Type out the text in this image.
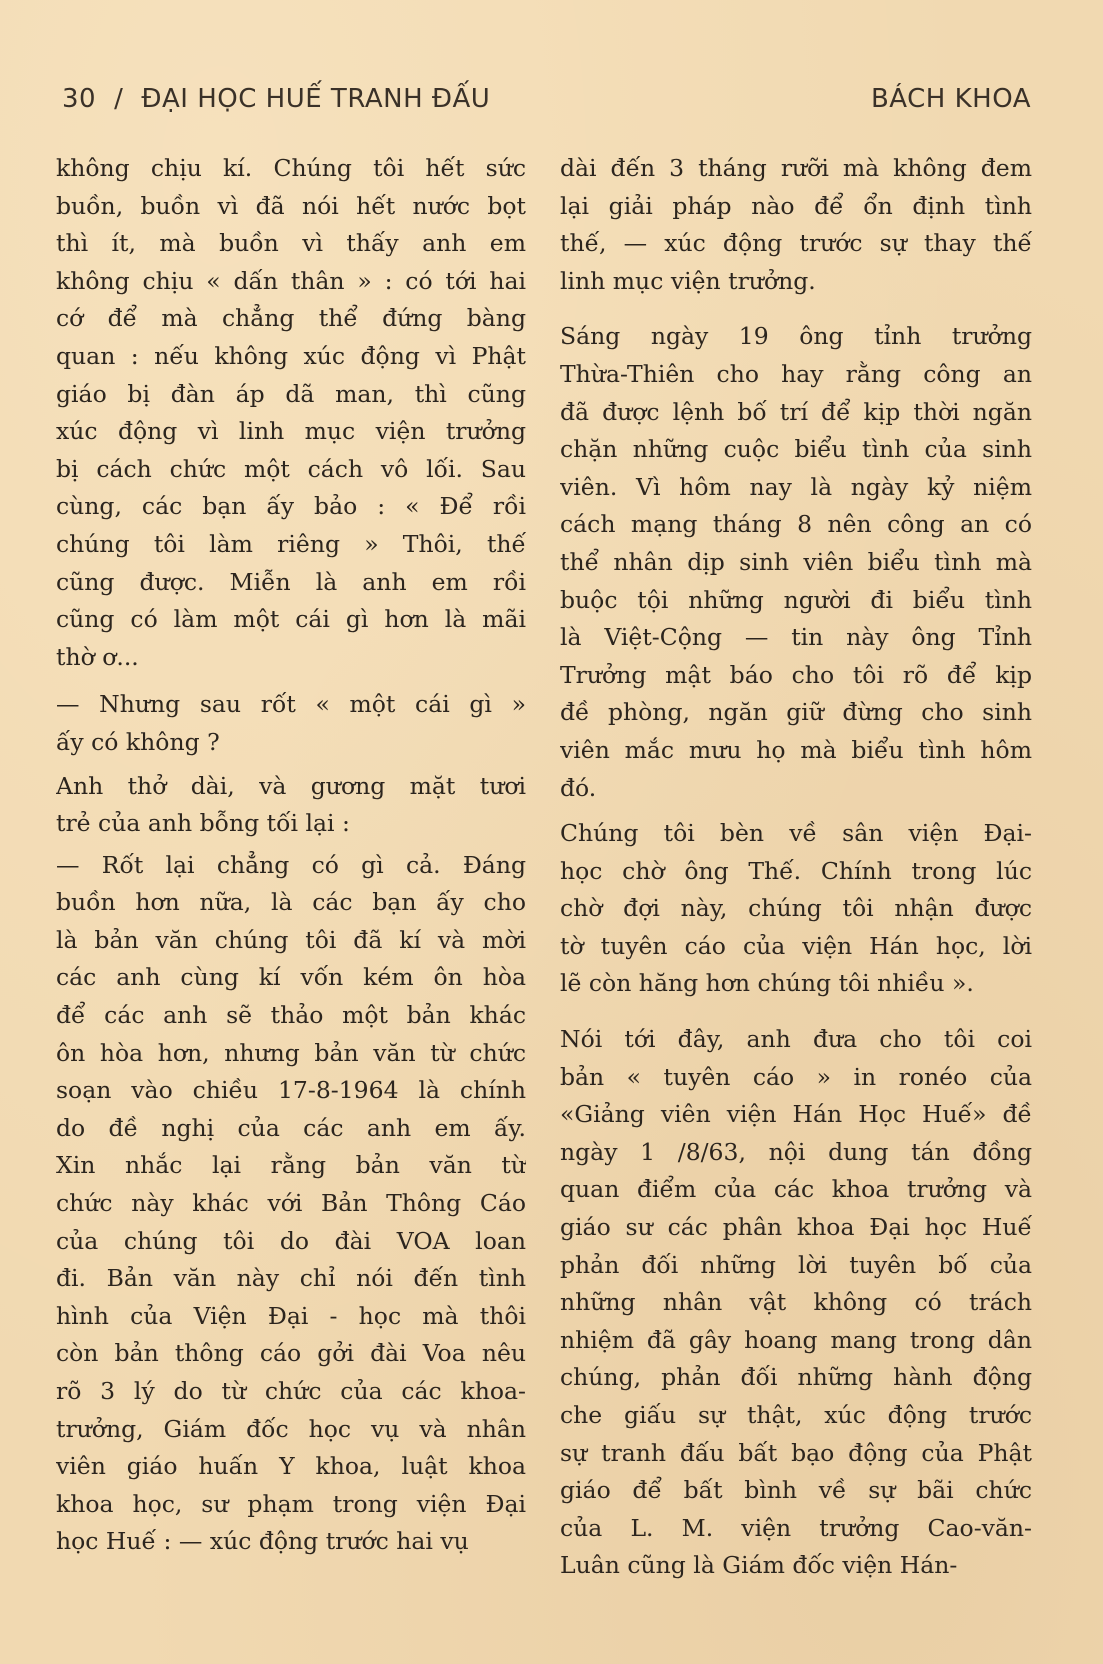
30 / ĐẠI HỌC HUẾ TRANH ĐẤU	BÁCH KHOA

không chịu kí. Chúng tôi hết sức
buồn, buồn vì đã nói hết nước bọt
thì ít, mà buồn vì thấy anh em
không chịu « dấn thân » : có tới hai
cớ để mà chẳng thể đứng bàng
quan : nếu không xúc động vì Phật
giáo bị đàn áp dã man, thì cũng
xúc động vì linh mục viện trưởng
bị cách chức một cách vô lối. Sau
cùng, các bạn ấy bảo : « Để rồi
chúng tôi làm riêng » Thôi, thế
cũng được. Miễn là anh em rồi
cũng có làm một cái gì hơn là mãi
thờ ơ...

— Nhưng sau rốt « một cái gì »
ấy có không ?

Anh thở dài, và gương mặt tươi
trẻ của anh bỗng tối lại :

— Rốt lại chẳng có gì cả. Đáng
buồn hơn nữa, là các bạn ấy cho
là bản văn chúng tôi đã kí và mời
các anh cùng kí vốn kém ôn hòa
để các anh sẽ thảo một bản khác
ôn hòa hơn, nhưng bản văn từ chức
soạn vào chiều 17-8-1964 là chính
do đề nghị của các anh em ấy.
Xin nhắc lại rằng bản văn từ
chức này khác với Bản Thông Cáo
của chúng tôi do đài VOA loan
đi. Bản văn này chỉ nói đến tình
hình của Viện Đại - học mà thôi
còn bản thông cáo gởi đài Voa nêu
rõ 3 lý do từ chức của các khoa-
trưởng, Giám đốc học vụ và nhân
viên giáo huấn Y khoa, luật khoa
khoa học, sư phạm trong viện Đại
học Huế : — xúc động trước hai vụ

dài đến 3 tháng rưỡi mà không đem
lại giải pháp nào để ổn định tình
thế, — xúc động trước sự thay thế
linh mục viện trưởng.

Sáng ngày 19 ông tỉnh trưởng
Thừa-Thiên cho hay rằng công an
đã được lệnh bố trí để kịp thời ngăn
chặn những cuộc biểu tình của sinh
viên. Vì hôm nay là ngày kỷ niệm
cách mạng tháng 8 nên công an có
thể nhân dịp sinh viên biểu tình mà
buộc tội những người đi biểu tình
là Việt-Cộng — tin này ông Tỉnh
Trưởng mật báo cho tôi rõ để kịp
đề phòng, ngăn giữ đừng cho sinh
viên mắc mưu họ mà biểu tình hôm
đó.

Chúng tôi bèn về sân viện Đại-
học chờ ông Thế. Chính trong lúc
chờ đợi này, chúng tôi nhận được
tờ tuyên cáo của viện Hán học, lời
lẽ còn hăng hơn chúng tôi nhiều ».

Nói tới đây, anh đưa cho tôi coi
bản « tuyên cáo » in ronéo của
«Giảng viên viện Hán Học Huế» đề
ngày 1 /8/63, nội dung tán đồng
quan điểm của các khoa trưởng và
giáo sư các phân khoa Đại học Huế
phản đối những lời tuyên bố của
những nhân vật không có trách
nhiệm đã gây hoang mang trong dân
chúng, phản đối những hành động
che giấu sự thật, xúc động trước
sự tranh đấu bất bạo động của Phật
giáo để bất bình về sự bãi chức
của L. M. viện trưởng Cao-văn-
Luân cũng là Giám đốc viện Hán-
